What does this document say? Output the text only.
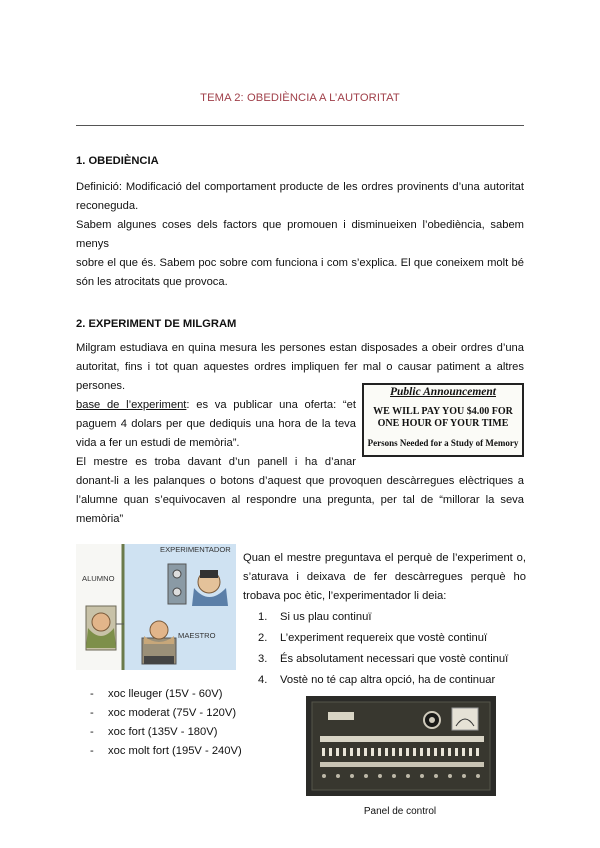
TEMA 2: OBEDIÈNCIA A L’AUTORITAT
1. OBEDIÈNCIA
Definició: Modificació del comportament producte de les ordres provinents d’una autoritat
reconeguda.
Sabem algunes coses dels factors que promouen i disminueixen l’obediència, sabem menys
sobre el que és. Sabem poc sobre com funciona i com s’explica. El que coneixem molt bé
són les atrocitats que provoca.
2. EXPERIMENT DE MILGRAM
Milgram estudiava en quina mesura les persones estan disposades a obeir ordres d’una
autoritat, fins i tot quan aquestes ordres impliquen fer mal o causar patiment a altres
persones.
base de l’experiment: es va publicar una oferta: “et
paguem 4 dolars per que dediquis una hora de la teva
vida a fer un estudi de memòria”.
El mestre es troba davant d’un panell i ha d’anar
donant-li a les palanques o botons d’aquest que provoquen descàrregues elèctriques a
l’alumne quan s’equivocaven al respondre una pregunta, per tal de “millorar la seva
memòria”
Public Announcement
WE WILL PAY YOU $4.00 FOR
ONE HOUR OF YOUR TIME
Persons Needed for a Study of Memory
EXPERIMENTADOR
ALUMNO
MAESTRO
Quan el mestre preguntava el perquè de l’experiment o,
s’aturava i deixava de fer descàrregues perquè ho
trobava poc ètic, l’experimentador li deia:
1. Si us plau continuï
2. L’experiment requereix que vostè continuï
3. És absolutament necessari que vostè continuï
4. Vostè no té cap altra opció, ha de continuar
- xoc lleuger (15V - 60V)
- xoc moderat (75V - 120V)
- xoc fort (135V - 180V)
- xoc molt fort (195V - 240V)
Panel de control
